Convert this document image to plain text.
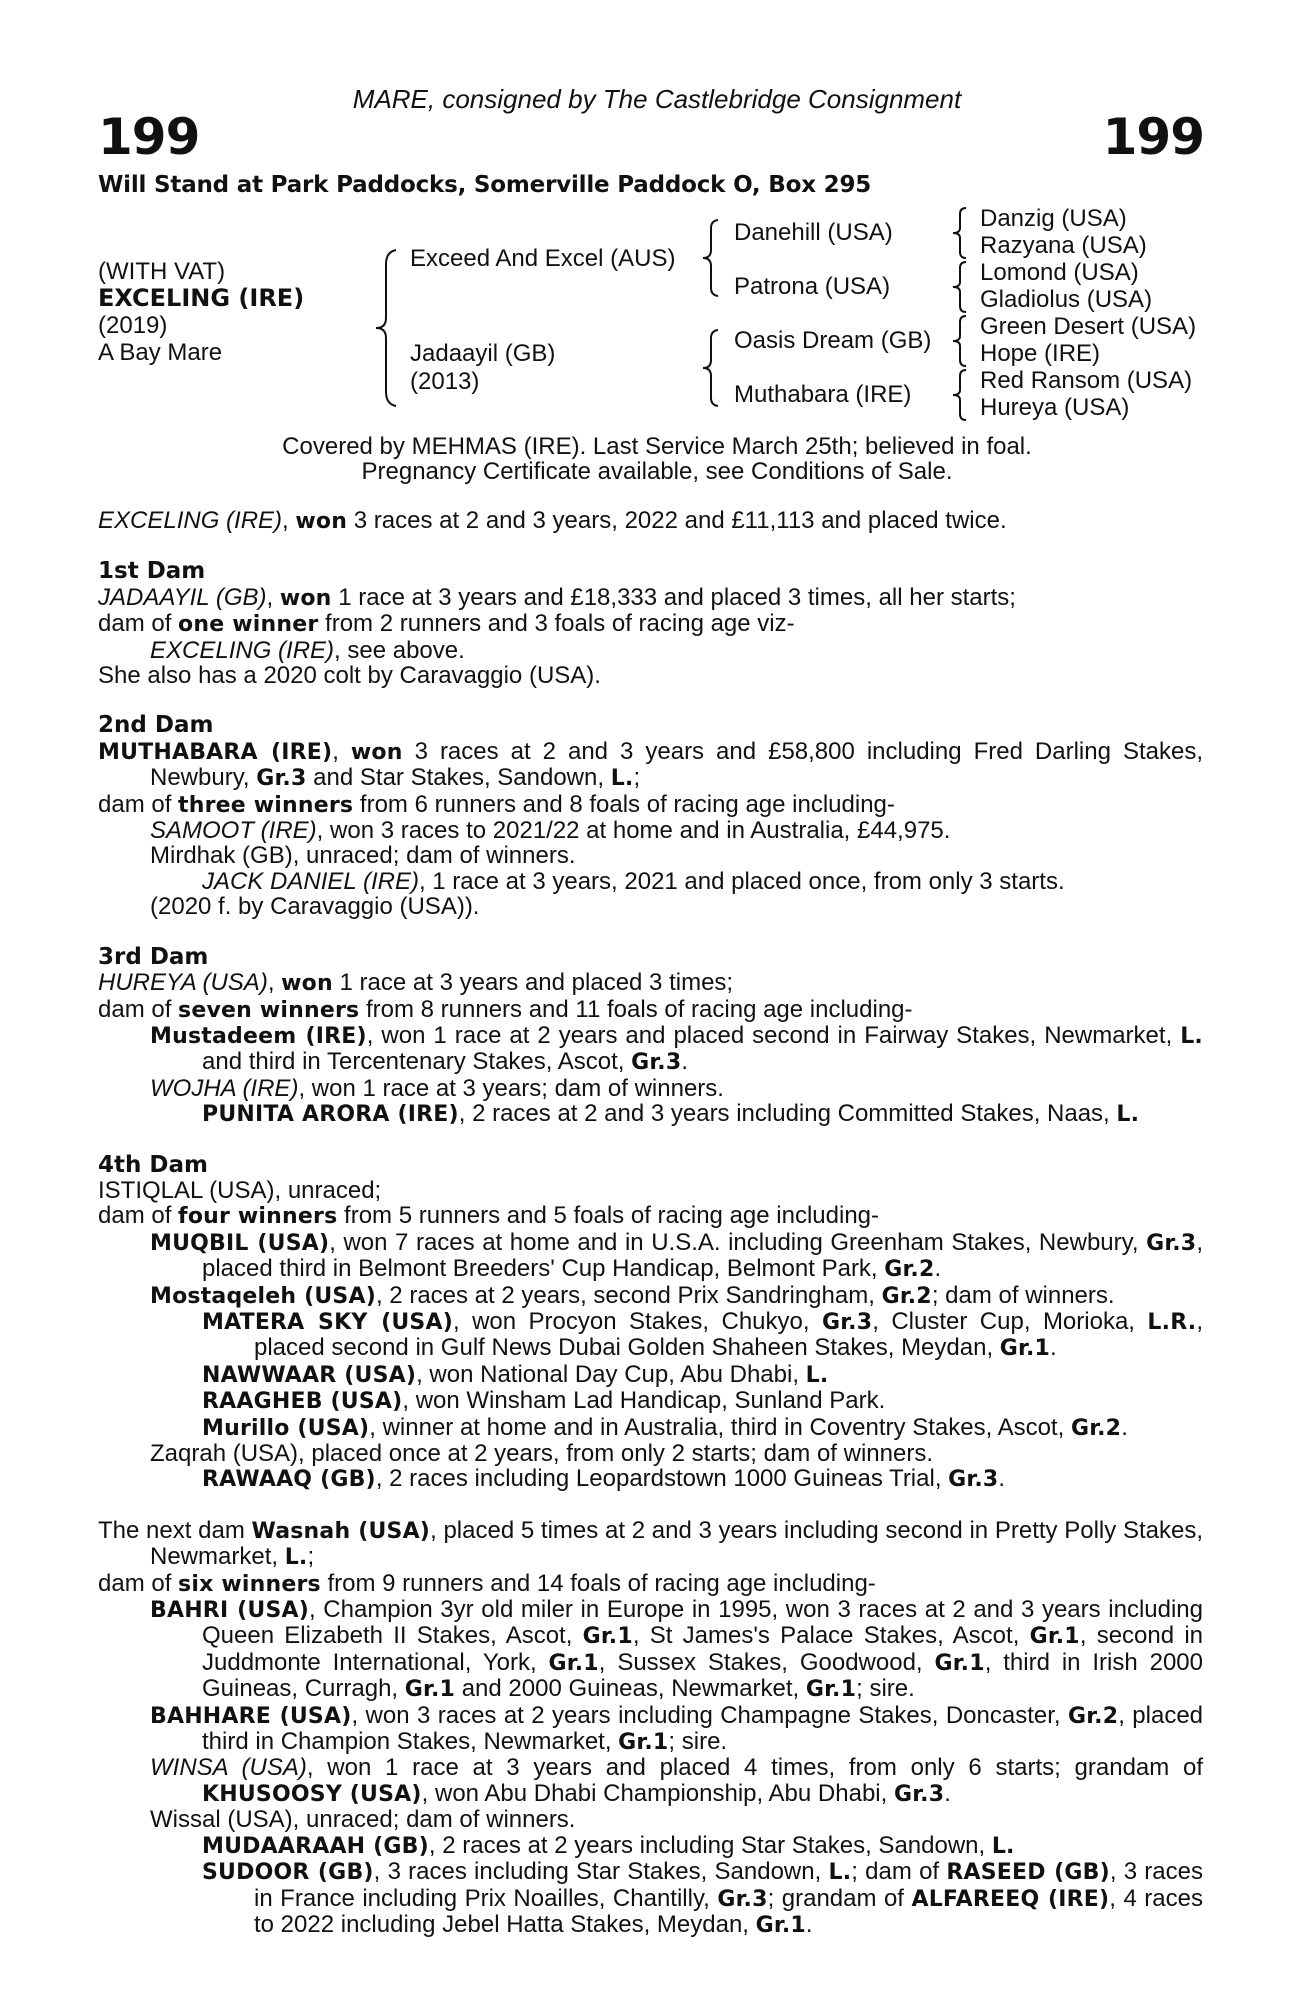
MARE, consigned by The Castlebridge Consignment
199	199
Will Stand at Park Paddocks, Somerville Paddock O, Box 295
(WITH VAT)
EXCELING (IRE)
(2019)
A Bay Mare
Exceed And Excel (AUS)
Jadaayil (GB)
(2013)
Danehill (USA)
Patrona (USA)
Oasis Dream (GB)
Muthabara (IRE)
Danzig (USA)
Razyana (USA)
Lomond (USA)
Gladiolus (USA)
Green Desert (USA)
Hope (IRE)
Red Ransom (USA)
Hureya (USA)
Covered by MEHMAS (IRE). Last Service March 25th; believed in foal.
Pregnancy Certificate available, see Conditions of Sale.

EXCELING (IRE), won 3 races at 2 and 3 years, 2022 and £11,113 and placed twice.

1st Dam

JADAAYIL (GB), won 1 race at 3 years and £18,333 and placed 3 times, all her starts;

dam of one winner from 2 runners and 3 foals of racing age viz-

EXCELING (IRE), see above.

She also has a 2020 colt by Caravaggio (USA).

2nd Dam

MUTHABARA (IRE), won 3 races at 2 and 3 years and £58,800 including Fred Darling Stakes, Newbury, Gr.3 and Star Stakes, Sandown, L.;

dam of three winners from 6 runners and 8 foals of racing age including-

SAMOOT (IRE), won 3 races to 2021/22 at home and in Australia, £44,975.

Mirdhak (GB), unraced; dam of winners.

JACK DANIEL (IRE), 1 race at 3 years, 2021 and placed once, from only 3 starts.

(2020 f. by Caravaggio (USA)).

3rd Dam

HUREYA (USA), won 1 race at 3 years and placed 3 times;

dam of seven winners from 8 runners and 11 foals of racing age including-

Mustadeem (IRE), won 1 race at 2 years and placed second in Fairway Stakes, Newmarket, L. and third in Tercentenary Stakes, Ascot, Gr.3.

WOJHA (IRE), won 1 race at 3 years; dam of winners.

PUNITA ARORA (IRE), 2 races at 2 and 3 years including Committed Stakes, Naas, L.

4th Dam

ISTIQLAL (USA), unraced;

dam of four winners from 5 runners and 5 foals of racing age including-

MUQBIL (USA), won 7 races at home and in U.S.A. including Greenham Stakes, Newbury, Gr.3, placed third in Belmont Breeders' Cup Handicap, Belmont Park, Gr.2.

Mostaqeleh (USA), 2 races at 2 years, second Prix Sandringham, Gr.2; dam of winners.

MATERA SKY (USA), won Procyon Stakes, Chukyo, Gr.3, Cluster Cup, Morioka, L.R., placed second in Gulf News Dubai Golden Shaheen Stakes, Meydan, Gr.1.

NAWWAAR (USA), won National Day Cup, Abu Dhabi, L.

RAAGHEB (USA), won Winsham Lad Handicap, Sunland Park.

Murillo (USA), winner at home and in Australia, third in Coventry Stakes, Ascot, Gr.2.

Zaqrah (USA), placed once at 2 years, from only 2 starts; dam of winners.

RAWAAQ (GB), 2 races including Leopardstown 1000 Guineas Trial, Gr.3.

The next dam Wasnah (USA), placed 5 times at 2 and 3 years including second in Pretty Polly Stakes, Newmarket, L.;

dam of six winners from 9 runners and 14 foals of racing age including-

BAHRI (USA), Champion 3yr old miler in Europe in 1995, won 3 races at 2 and 3 years including Queen Elizabeth II Stakes, Ascot, Gr.1, St James's Palace Stakes, Ascot, Gr.1, second in Juddmonte International, York, Gr.1, Sussex Stakes, Goodwood, Gr.1, third in Irish 2000 Guineas, Curragh, Gr.1 and 2000 Guineas, Newmarket, Gr.1; sire.

BAHHARE (USA), won 3 races at 2 years including Champagne Stakes, Doncaster, Gr.2, placed third in Champion Stakes, Newmarket, Gr.1; sire.

WINSA (USA), won 1 race at 3 years and placed 4 times, from only 6 starts; grandam of KHUSOOSY (USA), won Abu Dhabi Championship, Abu Dhabi, Gr.3.

Wissal (USA), unraced; dam of winners.

MUDAARAAH (GB), 2 races at 2 years including Star Stakes, Sandown, L.

SUDOOR (GB), 3 races including Star Stakes, Sandown, L.; dam of RASEED (GB), 3 races in France including Prix Noailles, Chantilly, Gr.3; grandam of ALFAREEQ (IRE), 4 races to 2022 including Jebel Hatta Stakes, Meydan, Gr.1.
